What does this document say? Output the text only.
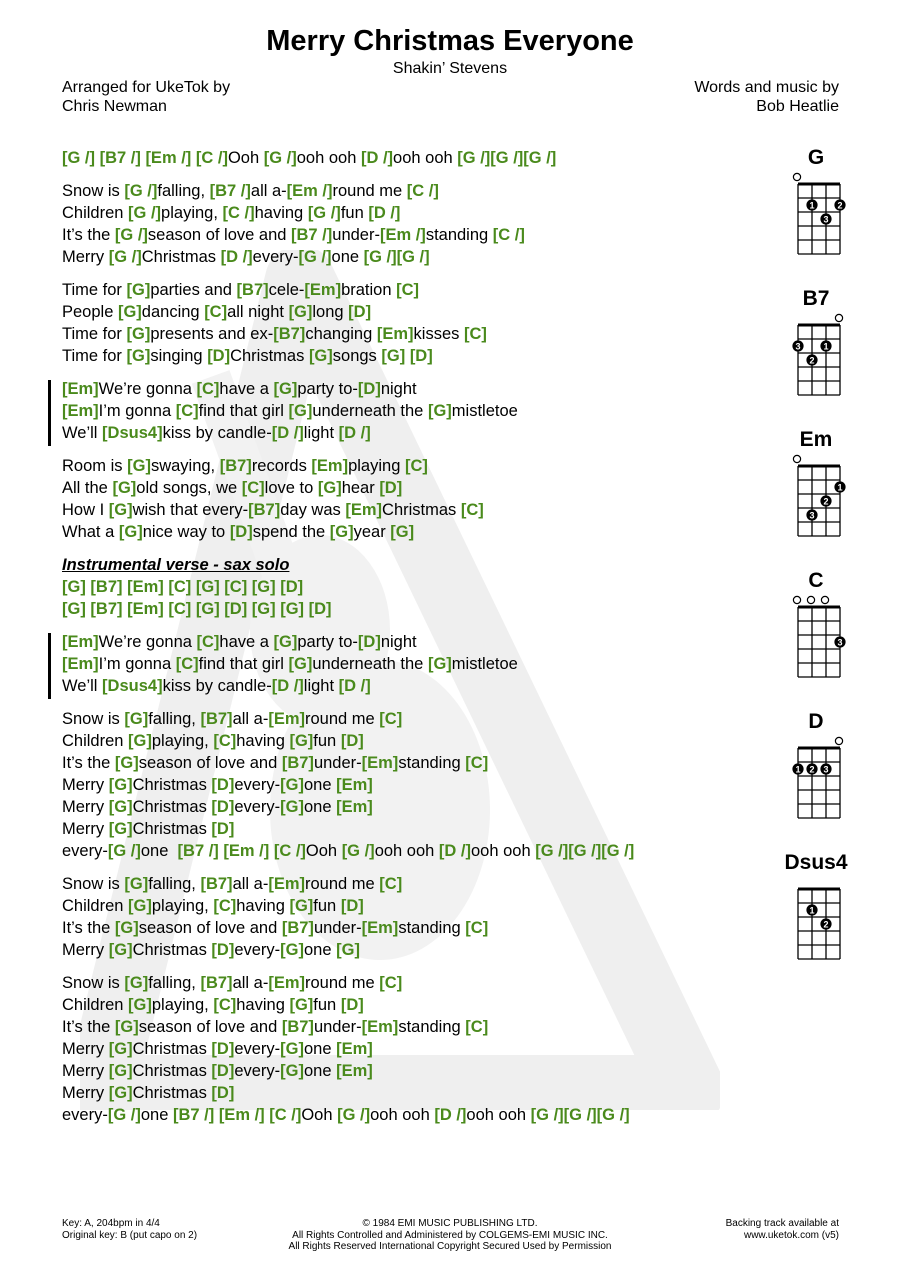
Merry Christmas Everyone
Shakin’ Stevens
Arranged for UkeTok by
Chris Newman
Words and music by
Bob Heatlie
[G /] [B7 /] [Em /] [C /]Ooh [G /]ooh ooh [D /]ooh ooh [G /][G /][G /]
Snow is [G /]falling, [B7 /]all a-[Em /]round me [C /]
Children [G /]playing, [C /]having [G /]fun [D /]
It’s the [G /]season of love and [B7 /]under-[Em /]standing [C /]
Merry [G /]Christmas [D /]every-[G /]one [G /][G /]
Time for [G]parties and [B7]cele-[Em]bration [C]
People [G]dancing [C]all night [G]long [D]
Time for [G]presents and ex-[B7]changing [Em]kisses [C]
Time for [G]singing [D]Christmas [G]songs [G] [D]
[Em]We’re gonna [C]have a [G]party to-[D]night
[Em]I’m gonna [C]find that girl [G]underneath the [G]mistletoe
We’ll [Dsus4]kiss by candle-[D /]light [D /]
Room is [G]swaying, [B7]records [Em]playing [C]
All the [G]old songs, we [C]love to [G]hear [D]
How I [G]wish that every-[B7]day was [Em]Christmas [C]
What a [G]nice way to [D]spend the [G]year [G]
Instrumental verse - sax solo
[G] [B7] [Em] [C] [G] [C] [G] [D]
[G] [B7] [Em] [C] [G] [D] [G] [G] [D]
[Em]We’re gonna [C]have a [G]party to-[D]night
[Em]I’m gonna [C]find that girl [G]underneath the [G]mistletoe
We’ll [Dsus4]kiss by candle-[D /]light [D /]
Snow is [G]falling, [B7]all a-[Em]round me [C]
Children [G]playing, [C]having [G]fun [D]
It’s the [G]season of love and [B7]under-[Em]standing [C]
Merry [G]Christmas [D]every-[G]one [Em]
Merry [G]Christmas [D]every-[G]one [Em]
Merry [G]Christmas [D]
every-[G /]one  [B7 /] [Em /] [C /]Ooh [G /]ooh ooh [D /]ooh ooh [G /][G /][G /]
Snow is [G]falling, [B7]all a-[Em]round me [C]
Children [G]playing, [C]having [G]fun [D]
It’s the [G]season of love and [B7]under-[Em]standing [C]
Merry [G]Christmas [D]every-[G]one [G]
Snow is [G]falling, [B7]all a-[Em]round me [C]
Children [G]playing, [C]having [G]fun [D]
It’s the [G]season of love and [B7]under-[Em]standing [C]
Merry [G]Christmas [D]every-[G]one [Em]
Merry [G]Christmas [D]every-[G]one [Em]
Merry [G]Christmas [D]
every-[G /]one [B7 /] [Em /] [C /]Ooh [G /]ooh ooh [D /]ooh ooh [G /][G /][G /]
G
1
3
2
B7
3
2
1
Em
3
2
1
C
3
D
1 2 3
Dsus4
1
2
Key: A, 204bpm in 4/4
Original key: B (put capo on 2)
© 1984 EMI MUSIC PUBLISHING LTD.
All Rights Controlled and Administered by COLGEMS-EMI MUSIC INC.
All Rights Reserved International Copyright Secured Used by Permission
Backing track available at
www.uketok.com (v5)
